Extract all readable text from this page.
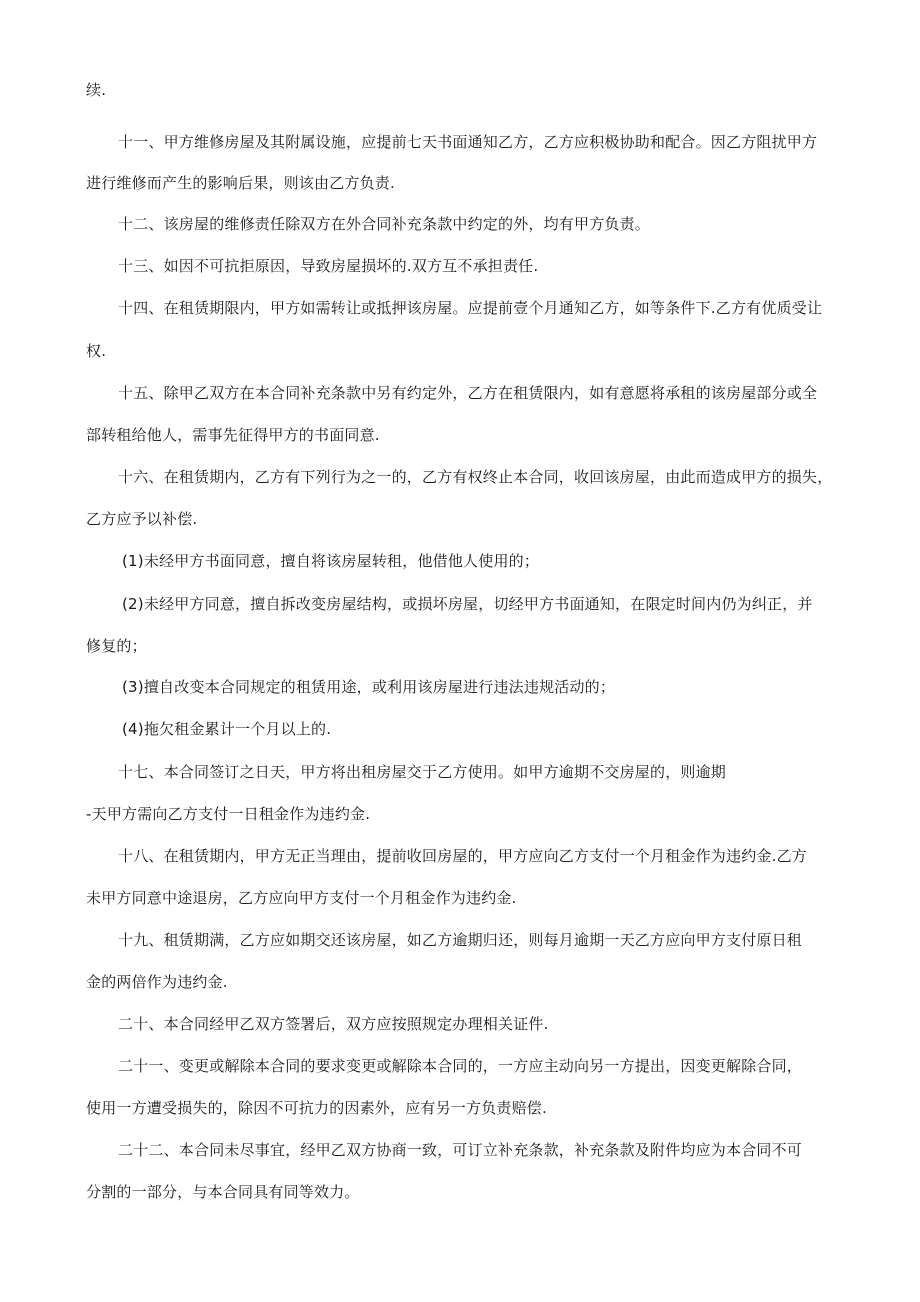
续.
十一、甲方维修房屋及其附属设施，应提前七天书面通知乙方，乙方应积极协助和配合。因乙方阻扰甲方
进行维修而产生的影响后果，则该由乙方负责.
十二、该房屋的维修责任除双方在外合同补充条款中约定的外，均有甲方负责。
十三、如因不可抗拒原因，导致房屋损坏的.双方互不承担责任.
十四、在租赁期限内，甲方如需转让或抵押该房屋。应提前壹个月通知乙方，如等条件下.乙方有优质受让
权.
十五、除甲乙双方在本合同补充条款中另有约定外，乙方在租赁限内，如有意愿将承租的该房屋部分或全
部转租给他人，需事先征得甲方的书面同意.
十六、在租赁期内，乙方有下列行为之一的，乙方有权终止本合同，收回该房屋，由此而造成甲方的损失，
乙方应予以补偿.
(1)未经甲方书面同意，擅自将该房屋转租，他借他人使用的；
(2)未经甲方同意，擅自拆改变房屋结构，或损坏房屋，切经甲方书面通知，在限定时间内仍为纠正，并
修复的；
(3)擅自改变本合同规定的租赁用途，或利用该房屋进行违法违规活动的；
(4)拖欠租金累计一个月以上的.
十七、本合同签订之日天，甲方将出租房屋交于乙方使用。如甲方逾期不交房屋的，则逾期
-天甲方需向乙方支付一日租金作为违约金.
十八、在租赁期内，甲方无正当理由，提前收回房屋的，甲方应向乙方支付一个月租金作为违约金.乙方
未甲方同意中途退房，乙方应向甲方支付一个月租金作为违约金.
十九、租赁期满，乙方应如期交还该房屋，如乙方逾期归还，则每月逾期一天乙方应向甲方支付原日租
金的两倍作为违约金.
二十、本合同经甲乙双方签署后，双方应按照规定办理相关证件.
二十一、变更或解除本合同的要求变更或解除本合同的，一方应主动向另一方提出，因变更解除合同，
使用一方遭受损失的，除因不可抗力的因素外，应有另一方负责赔偿.
二十二、本合同未尽事宜，经甲乙双方协商一致，可订立补充条款，补充条款及附件均应为本合同不可
分割的一部分，与本合同具有同等效力。
